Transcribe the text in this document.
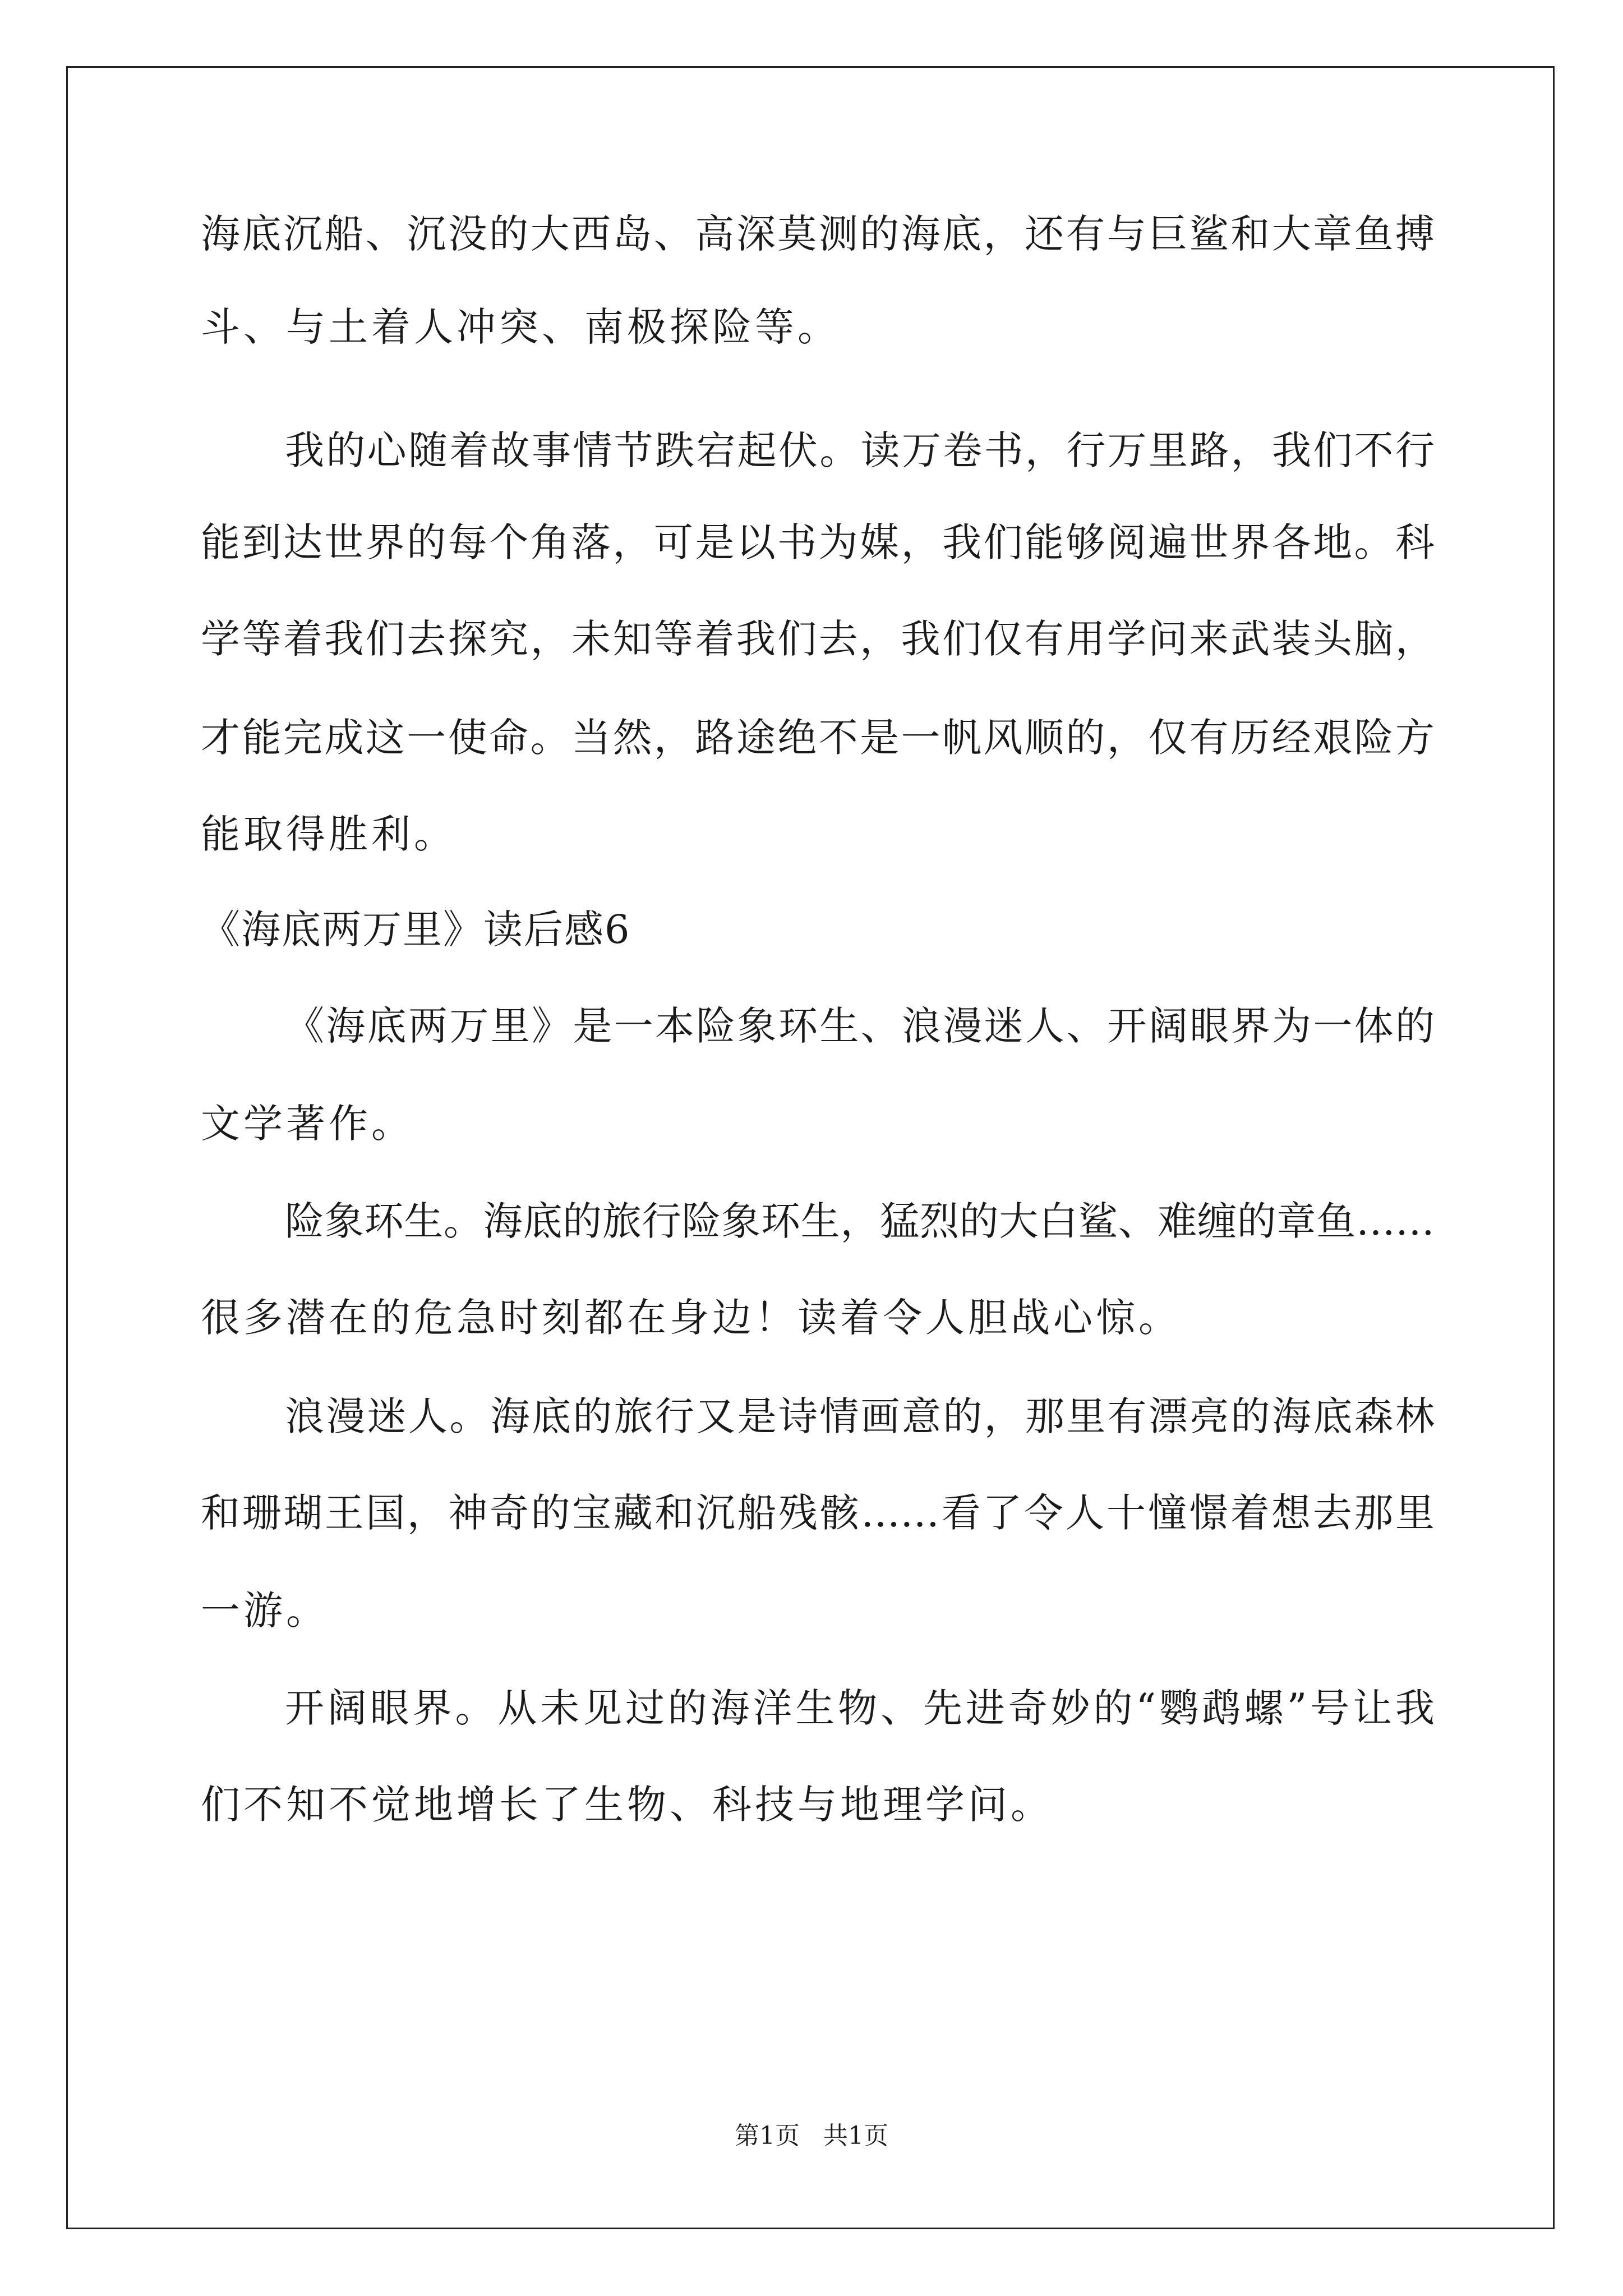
海底沉船、沉没的大西岛、高深莫测的海底，还有与巨鲨和大章鱼搏
斗、与土着人冲突、南极探险等。
我的心随着故事情节跌宕起伏。读万卷书，行万里路，我们不行
能到达世界的每个角落，可是以书为媒，我们能够阅遍世界各地。科
学等着我们去探究，未知等着我们去，我们仅有用学问来武装头脑，
才能完成这一使命。当然，路途绝不是一帆风顺的，仅有历经艰险方
能取得胜利。
《海底两万里》读后感6
《海底两万里》是一本险象环生、浪漫迷人、开阔眼界为一体的
文学著作。
险象环生。海底的旅行险象环生，猛烈的大白鲨、难缠的章鱼……
很多潜在的危急时刻都在身边！读着令人胆战心惊。
浪漫迷人。海底的旅行又是诗情画意的，那里有漂亮的海底森林
和珊瑚王国，神奇的宝藏和沉船残骸……看了令人十憧憬着想去那里
一游。
开阔眼界。从未见过的海洋生物、先进奇妙的“鹦鹉螺”号让我
们不知不觉地增长了生物、科技与地理学问。
第1页   共1页
